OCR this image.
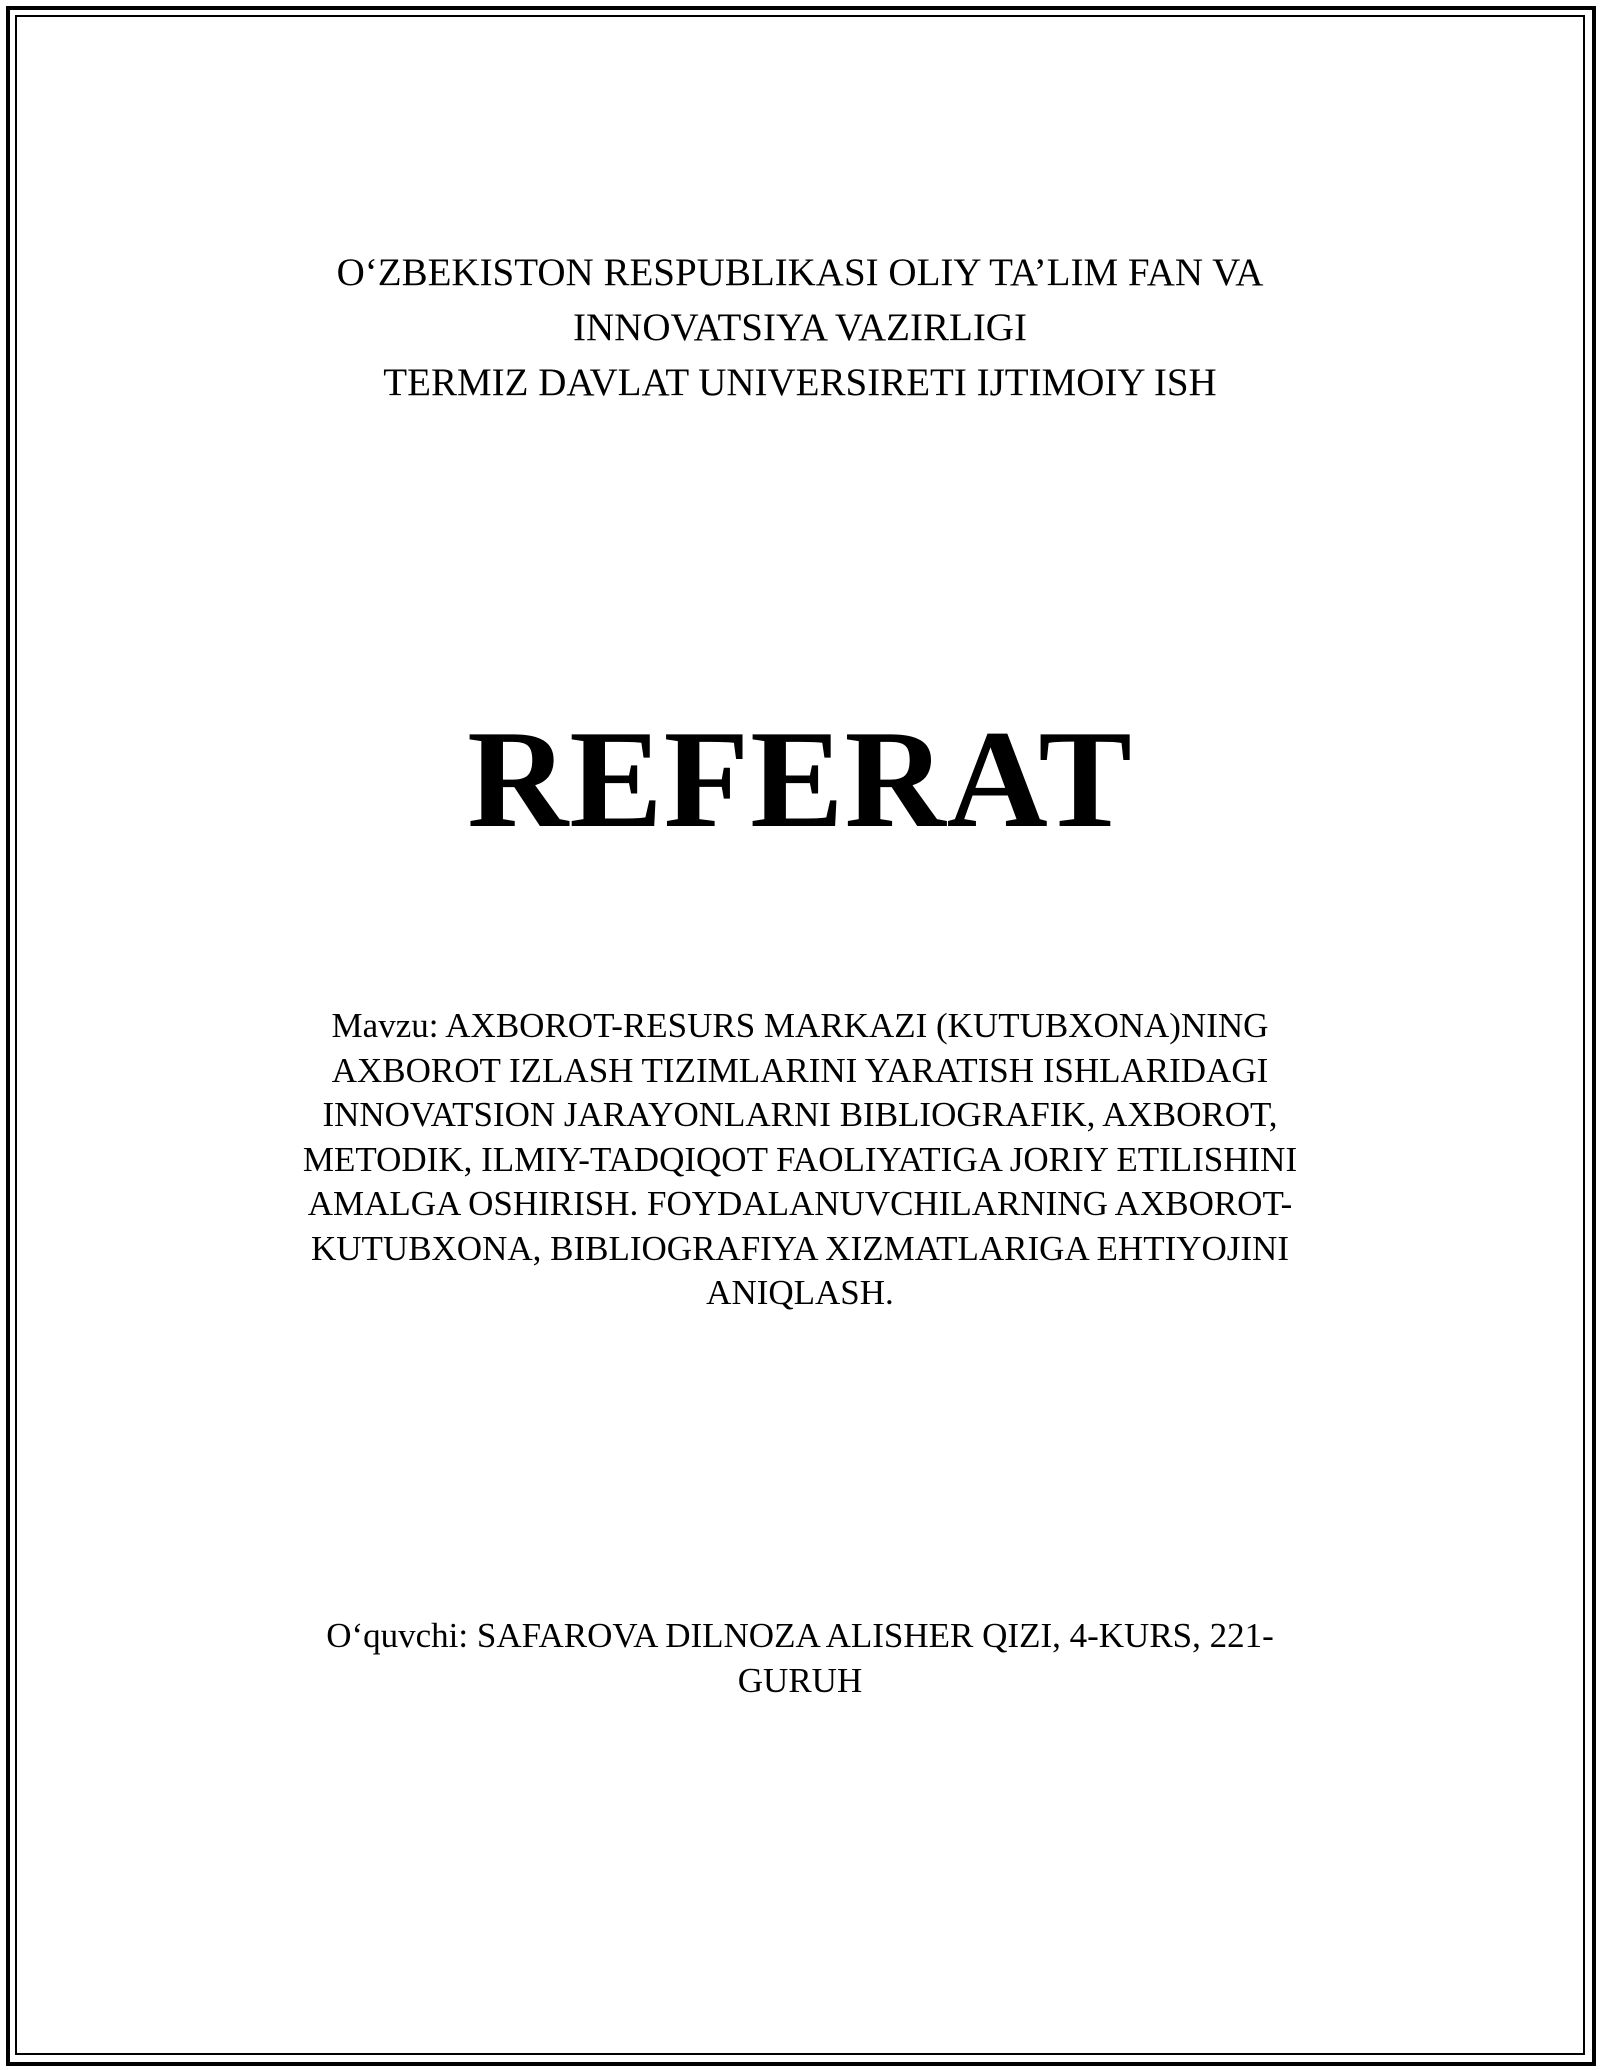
O‘ZBEKISTON RESPUBLIKASI OLIY TA’LIM FAN VA
INNOVATSIYA VAZIRLIGI
TERMIZ DAVLAT UNIVERSIRETI IJTIMOIY ISH
REFERAT
Mavzu: AXBOROT-RESURS MARKAZI (KUTUBXONA)NING
AXBOROT IZLASH TIZIMLARINI YARATISH ISHLARIDAGI
INNOVATSION JARAYONLARNI BIBLIOGRAFIK, AXBOROT,
METODIK, ILMIY-TADQIQOT FAOLIYATIGA JORIY ETILISHINI
AMALGA OSHIRISH. FOYDALANUVCHILARNING AXBOROT-
KUTUBXONA, BIBLIOGRAFIYA XIZMATLARIGA EHTIYOJINI
ANIQLASH.
O‘quvchi: SAFAROVA DILNOZA ALISHER QIZI, 4-KURS, 221-
GURUH
